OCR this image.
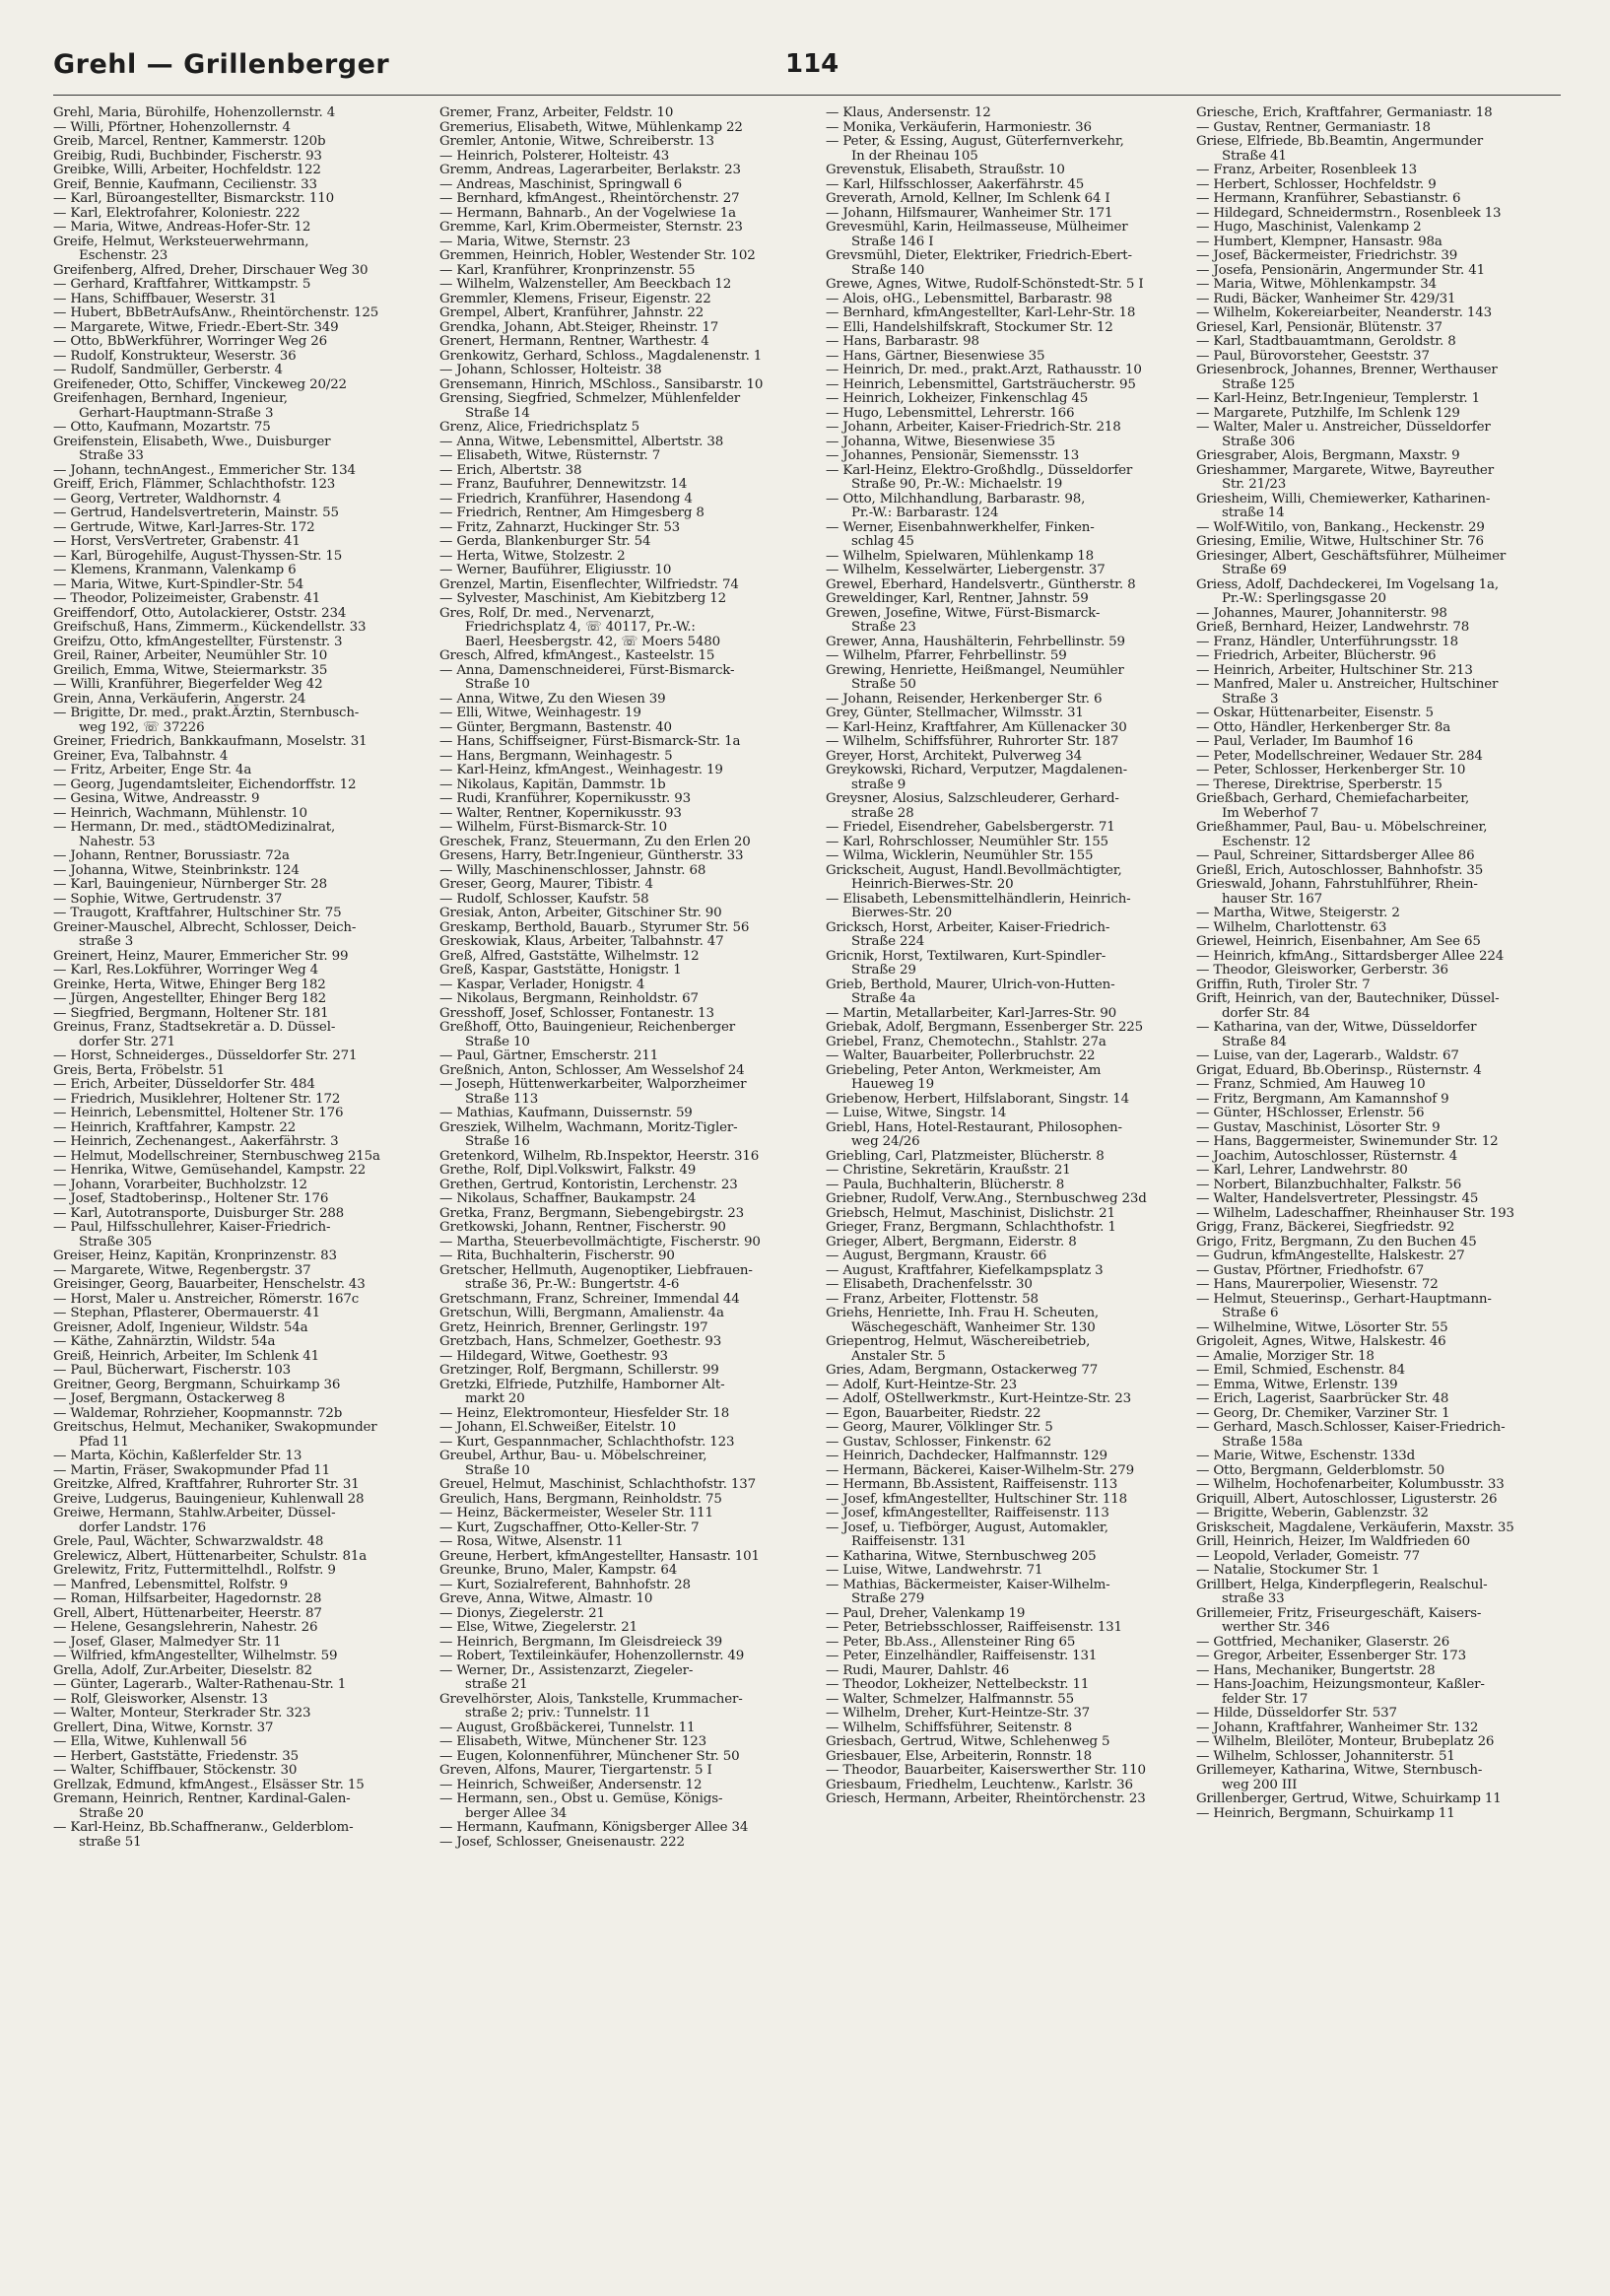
Grehl — Grillenberger	114
Grehl, Maria, Bürohilfe, Hohenzollernstr. 4
— Willi, Pförtner, Hohenzollernstr. 4
Greib, Marcel, Rentner, Kammerstr. 120b
Greibig, Rudi, Buchbinder, Fischerstr. 93
Greibke, Willi, Arbeiter, Hochfeldstr. 122
Greif, Bennie, Kaufmann, Cecilienstr. 33
— Karl, Büroangestellter, Bismarckstr. 110
— Karl, Elektrofahrer, Koloniestr. 222
— Maria, Witwe, Andreas-Hofer-Str. 12
Greife, Helmut, Werksteuerwehrmann,
Eschenstr. 23
Greifenberg, Alfred, Dreher, Dirschauer Weg 30
— Gerhard, Kraftfahrer, Wittkampstr. 5
— Hans, Schiffbauer, Weserstr. 31
— Hubert, BbBetrAufsAnw., Rheintörchenstr. 125
— Margarete, Witwe, Friedr.-Ebert-Str. 349
— Otto, BbWerkführer, Worringer Weg 26
— Rudolf, Konstrukteur, Weserstr. 36
— Rudolf, Sandmüller, Gerberstr. 4
Greifeneder, Otto, Schiffer, Vinckeweg 20/22
Greifenhagen, Bernhard, Ingenieur,
Gerhart-Hauptmann-Straße 3
— Otto, Kaufmann, Mozartstr. 75
Greifenstein, Elisabeth, Wwe., Duisburger
Straße 33
— Johann, technAngest., Emmericher Str. 134
Greiff, Erich, Flämmer, Schlachthofstr. 123
— Georg, Vertreter, Waldhornstr. 4
— Gertrud, Handelsvertreterin, Mainstr. 55
— Gertrude, Witwe, Karl-Jarres-Str. 172
— Horst, VersVertreter, Grabenstr. 41
— Karl, Bürogehilfe, August-Thyssen-Str. 15
— Klemens, Kranmann, Valenkamp 6
— Maria, Witwe, Kurt-Spindler-Str. 54
— Theodor, Polizeimeister, Grabenstr. 41
Greiffendorf, Otto, Autolackierer, Oststr. 234
Greifschuß, Hans, Zimmerm., Kückendellstr. 33
Greifzu, Otto, kfmAngestellter, Fürstenstr. 3
Greil, Rainer, Arbeiter, Neumühler Str. 10
Greilich, Emma, Witwe, Steiermarkstr. 35
— Willi, Kranführer, Biegerfelder Weg 42
Grein, Anna, Verkäuferin, Angerstr. 24
— Brigitte, Dr. med., prakt.Ärztin, Sternbusch-
weg 192, ☏ 37226
Greiner, Friedrich, Bankkaufmann, Moselstr. 31
Greiner, Eva, Talbahnstr. 4
— Fritz, Arbeiter, Enge Str. 4a
— Georg, Jugendamtsleiter, Eichendorffstr. 12
— Gesina, Witwe, Andreasstr. 9
— Heinrich, Wachmann, Mühlenstr. 10
— Hermann, Dr. med., städtOMedizinalrat,
Nahestr. 53
— Johann, Rentner, Borussiastr. 72a
— Johanna, Witwe, Steinbrinkstr. 124
— Karl, Bauingenieur, Nürnberger Str. 28
— Sophie, Witwe, Gertrudenstr. 37
— Traugott, Kraftfahrer, Hultschiner Str. 75
Greiner-Mauschel, Albrecht, Schlosser, Deich-
straße 3
Greinert, Heinz, Maurer, Emmericher Str. 99
— Karl, Res.Lokführer, Worringer Weg 4
Greinke, Herta, Witwe, Ehinger Berg 182
— Jürgen, Angestellter, Ehinger Berg 182
— Siegfried, Bergmann, Holtener Str. 181
Greinus, Franz, Stadtsekretär a. D. Düssel-
dorfer Str. 271
— Horst, Schneiderges., Düsseldorfer Str. 271
Greis, Berta, Fröbelstr. 51
— Erich, Arbeiter, Düsseldorfer Str. 484
— Friedrich, Musiklehrer, Holtener Str. 172
— Heinrich, Lebensmittel, Holtener Str. 176
— Heinrich, Kraftfahrer, Kampstr. 22
— Heinrich, Zechenangest., Aakerfährstr. 3
— Helmut, Modellschreiner, Sternbuschweg 215a
— Henrika, Witwe, Gemüsehandel, Kampstr. 22
— Johann, Vorarbeiter, Buchholzstr. 12
— Josef, Stadtoberinsp., Holtener Str. 176
— Karl, Autotransporte, Duisburger Str. 288
— Paul, Hilfsschullehrer, Kaiser-Friedrich-
Straße 305
Greiser, Heinz, Kapitän, Kronprinzenstr. 83
— Margarete, Witwe, Regenbergstr. 37
Greisinger, Georg, Bauarbeiter, Henschelstr. 43
— Horst, Maler u. Anstreicher, Römerstr. 167c
— Stephan, Pflasterer, Obermauerstr. 41
Greisner, Adolf, Ingenieur, Wildstr. 54a
— Käthe, Zahnärztin, Wildstr. 54a
Greiß, Heinrich, Arbeiter, Im Schlenk 41
— Paul, Bücherwart, Fischerstr. 103
Greitner, Georg, Bergmann, Schuirkamp 36
— Josef, Bergmann, Ostackerweg 8
— Waldemar, Rohrzieher, Koopmannstr. 72b
Greitschus, Helmut, Mechaniker, Swakopmunder
Pfad 11
— Marta, Köchin, Kaßlerfelder Str. 13
— Martin, Fräser, Swakopmunder Pfad 11
Greitzke, Alfred, Kraftfahrer, Ruhrorter Str. 31
Greive, Ludgerus, Bauingenieur, Kuhlenwall 28
Greiwe, Hermann, Stahlw.Arbeiter, Düssel-
dorfer Landstr. 176
Grele, Paul, Wächter, Schwarzwaldstr. 48
Grelewicz, Albert, Hüttenarbeiter, Schulstr. 81a
Grelewitz, Fritz, Futtermittelhdl., Rolfstr. 9
— Manfred, Lebensmittel, Rolfstr. 9
— Roman, Hilfsarbeiter, Hagedornstr. 28
Grell, Albert, Hüttenarbeiter, Heerstr. 87
— Helene, Gesangslehrerin, Nahestr. 26
— Josef, Glaser, Malmedyer Str. 11
— Wilfried, kfmAngestellter, Wilhelmstr. 59
Grella, Adolf, Zur.Arbeiter, Dieselstr. 82
— Günter, Lagerarb., Walter-Rathenau-Str. 1
— Rolf, Gleisworker, Alsenstr. 13
— Walter, Monteur, Sterkrader Str. 323
Grellert, Dina, Witwe, Kornstr. 37
— Ella, Witwe, Kuhlenwall 56
— Herbert, Gaststätte, Friedenstr. 35
— Walter, Schiffbauer, Stöckenstr. 30
Grellzak, Edmund, kfmAngest., Elsässer Str. 15
Gremann, Heinrich, Rentner, Kardinal-Galen-
Straße 20
— Karl-Heinz, Bb.Schaffneranw., Gelderblom-
straße 51
Gremer, Franz, Arbeiter, Feldstr. 10
Gremerius, Elisabeth, Witwe, Mühlenkamp 22
Gremler, Antonie, Witwe, Schreiberstr. 13
— Heinrich, Polsterer, Holteistr. 43
Gremm, Andreas, Lagerarbeiter, Berlakstr. 23
— Andreas, Maschinist, Springwall 6
— Bernhard, kfmAngest., Rheintörchenstr. 27
— Hermann, Bahnarb., An der Vogelwiese 1a
Gremme, Karl, Krim.Obermeister, Sternstr. 23
— Maria, Witwe, Sternstr. 23
Gremmen, Heinrich, Hobler, Westender Str. 102
— Karl, Kranführer, Kronprinzenstr. 55
— Wilhelm, Walzensteller, Am Beeckbach 12
Gremmler, Klemens, Friseur, Eigenstr. 22
Grempel, Albert, Kranführer, Jahnstr. 22
Grendka, Johann, Abt.Steiger, Rheinstr. 17
Grenert, Hermann, Rentner, Warthestr. 4
Grenkowitz, Gerhard, Schloss., Magdalenenstr. 1
— Johann, Schlosser, Holteistr. 38
Grensemann, Hinrich, MSchloss., Sansibarstr. 10
Grensing, Siegfried, Schmelzer, Mühlenfelder
Straße 14
Grenz, Alice, Friedrichsplatz 5
— Anna, Witwe, Lebensmittel, Albertstr. 38
— Elisabeth, Witwe, Rüsternstr. 7
— Erich, Albertstr. 38
— Franz, Baufuhrer, Dennewitzstr. 14
— Friedrich, Kranführer, Hasendong 4
— Friedrich, Rentner, Am Himgesberg 8
— Fritz, Zahnarzt, Huckinger Str. 53
— Gerda, Blankenburger Str. 54
— Herta, Witwe, Stolzestr. 2
— Werner, Bauführer, Eligiusstr. 10
Grenzel, Martin, Eisenflechter, Wilfriedstr. 74
— Sylvester, Maschinist, Am Kiebitzberg 12
Gres, Rolf, Dr. med., Nervenarzt,
Friedrichsplatz 4, ☏ 40117, Pr.-W.:
Baerl, Heesbergstr. 42, ☏ Moers 5480
Gresch, Alfred, kfmAngest., Kasteelstr. 15
— Anna, Damenschneiderei, Fürst-Bismarck-
Straße 10
— Anna, Witwe, Zu den Wiesen 39
— Elli, Witwe, Weinhagestr. 19
— Günter, Bergmann, Bastenstr. 40
— Hans, Schiffseigner, Fürst-Bismarck-Str. 1a
— Hans, Bergmann, Weinhagestr. 5
— Karl-Heinz, kfmAngest., Weinhagestr. 19
— Nikolaus, Kapitän, Dammstr. 1b
— Rudi, Kranführer, Kopernikusstr. 93
— Walter, Rentner, Kopernikusstr. 93
— Wilhelm, Fürst-Bismarck-Str. 10
Greschek, Franz, Steuermann, Zu den Erlen 20
Gresens, Harry, Betr.Ingenieur, Güntherstr. 33
— Willy, Maschinenschlosser, Jahnstr. 68
Greser, Georg, Maurer, Tibistr. 4
— Rudolf, Schlosser, Kaufstr. 58
Gresiak, Anton, Arbeiter, Gitschiner Str. 90
Greskamp, Berthold, Bauarb., Styrumer Str. 56
Greskowiak, Klaus, Arbeiter, Talbahnstr. 47
Greß, Alfred, Gaststätte, Wilhelmstr. 12
Greß, Kaspar, Gaststätte, Honigstr. 1
— Kaspar, Verlader, Honigstr. 4
— Nikolaus, Bergmann, Reinholdstr. 67
Gresshoff, Josef, Schlosser, Fontanestr. 13
Greßhoff, Otto, Bauingenieur, Reichenberger
Straße 10
— Paul, Gärtner, Emscherstr. 211
Greßnich, Anton, Schlosser, Am Wesselshof 24
— Joseph, Hüttenwerkarbeiter, Walporzheimer
Straße 113
— Mathias, Kaufmann, Duissernstr. 59
Gresziek, Wilhelm, Wachmann, Moritz-Tigler-
Straße 16
Gretenkord, Wilhelm, Rb.Inspektor, Heerstr. 316
Grethe, Rolf, Dipl.Volkswirt, Falkstr. 49
Grethen, Gertrud, Kontoristin, Lerchenstr. 23
— Nikolaus, Schaffner, Baukampstr. 24
Gretka, Franz, Bergmann, Siebengebirgstr. 23
Gretkowski, Johann, Rentner, Fischerstr. 90
— Martha, Steuerbevollmächtigte, Fischerstr. 90
— Rita, Buchhalterin, Fischerstr. 90
Gretscher, Hellmuth, Augenoptiker, Liebfrauen-
straße 36, Pr.-W.: Bungertstr. 4-6
Gretschmann, Franz, Schreiner, Immendal 44
Gretschun, Willi, Bergmann, Amalienstr. 4a
Gretz, Heinrich, Brenner, Gerlingstr. 197
Gretzbach, Hans, Schmelzer, Goethestr. 93
— Hildegard, Witwe, Goethestr. 93
Gretzinger, Rolf, Bergmann, Schillerstr. 99
Gretzki, Elfriede, Putzhilfe, Hamborner Alt-
markt 20
— Heinz, Elektromonteur, Hiesfelder Str. 18
— Johann, El.Schweißer, Eitelstr. 10
— Kurt, Gespannmacher, Schlachthofstr. 123
Greubel, Arthur, Bau- u. Möbelschreiner,
Straße 10
Greuel, Helmut, Maschinist, Schlachthofstr. 137
Greulich, Hans, Bergmann, Reinholdstr. 75
— Heinz, Bäckermeister, Weseler Str. 111
— Kurt, Zugschaffner, Otto-Keller-Str. 7
— Rosa, Witwe, Alsenstr. 11
Greune, Herbert, kfmAngestellter, Hansastr. 101
Greunke, Bruno, Maler, Kampstr. 64
— Kurt, Sozialreferent, Bahnhofstr. 28
Greve, Anna, Witwe, Almastr. 10
— Dionys, Ziegelerstr. 21
— Else, Witwe, Ziegelerstr. 21
— Heinrich, Bergmann, Im Gleisdreieck 39
— Robert, Textileinkäufer, Hohenzollernstr. 49
— Werner, Dr., Assistenzarzt, Ziegeler-
straße 21
Grevelhörster, Alois, Tankstelle, Krummacher-
straße 2; priv.: Tunnelstr. 11
— August, Großbäckerei, Tunnelstr. 11
— Elisabeth, Witwe, Münchener Str. 123
— Eugen, Kolonnenführer, Münchener Str. 50
Greven, Alfons, Maurer, Tiergartenstr. 5 I
— Heinrich, Schweißer, Andersenstr. 12
— Hermann, sen., Obst u. Gemüse, Königs-
berger Allee 34
— Hermann, Kaufmann, Königsberger Allee 34
— Josef, Schlosser, Gneisenaustr. 222
— Klaus, Andersenstr. 12
— Monika, Verkäuferin, Harmoniestr. 36
— Peter, & Essing, August, Güterfernverkehr,
In der Rheinau 105
Grevenstuk, Elisabeth, Straußstr. 10
— Karl, Hilfsschlosser, Aakerfährstr. 45
Greverath, Arnold, Kellner, Im Schlenk 64 I
— Johann, Hilfsmaurer, Wanheimer Str. 171
Grevesmühl, Karin, Heilmasseuse, Mülheimer
Straße 146 I
Grevsmühl, Dieter, Elektriker, Friedrich-Ebert-
Straße 140
Grewe, Agnes, Witwe, Rudolf-Schönstedt-Str. 5 I
— Alois, oHG., Lebensmittel, Barbarastr. 98
— Bernhard, kfmAngestellter, Karl-Lehr-Str. 18
— Elli, Handelshilfskraft, Stockumer Str. 12
— Hans, Barbarastr. 98
— Hans, Gärtner, Biesenwiese 35
— Heinrich, Dr. med., prakt.Arzt, Rathausstr. 10
— Heinrich, Lebensmittel, Gartsträucherstr. 95
— Heinrich, Lokheizer, Finkenschlag 45
— Hugo, Lebensmittel, Lehrerstr. 166
— Johann, Arbeiter, Kaiser-Friedrich-Str. 218
— Johanna, Witwe, Biesenwiese 35
— Johannes, Pensionär, Siemensstr. 13
— Karl-Heinz, Elektro-Großhdlg., Düsseldorfer
Straße 90, Pr.-W.: Michaelstr. 19
— Otto, Milchhandlung, Barbarastr. 98,
Pr.-W.: Barbarastr. 124
— Werner, Eisenbahnwerkhelfer, Finken-
schlag 45
— Wilhelm, Spielwaren, Mühlenkamp 18
— Wilhelm, Kesselwärter, Liebergenstr. 37
Grewel, Eberhard, Handelsvertr., Güntherstr. 8
Greweldinger, Karl, Rentner, Jahnstr. 59
Grewen, Josefine, Witwe, Fürst-Bismarck-
Straße 23
Grewer, Anna, Haushälterin, Fehrbellinstr. 59
— Wilhelm, Pfarrer, Fehrbellinstr. 59
Grewing, Henriette, Heißmangel, Neumühler
Straße 50
— Johann, Reisender, Herkenberger Str. 6
Grey, Günter, Stellmacher, Wilmsstr. 31
— Karl-Heinz, Kraftfahrer, Am Küllenacker 30
— Wilhelm, Schiffsführer, Ruhrorter Str. 187
Greyer, Horst, Architekt, Pulverweg 34
Greykowski, Richard, Verputzer, Magdalenen-
straße 9
Greysner, Alosius, Salzschleuderer, Gerhard-
straße 28
— Friedel, Eisendreher, Gabelsbergerstr. 71
— Karl, Rohrschlosser, Neumühler Str. 155
— Wilma, Wicklerin, Neumühler Str. 155
Grickscheit, August, Handl.Bevollmächtigter,
Heinrich-Bierwes-Str. 20
— Elisabeth, Lebensmittelhändlerin, Heinrich-
Bierwes-Str. 20
Gricksch, Horst, Arbeiter, Kaiser-Friedrich-
Straße 224
Gricnik, Horst, Textilwaren, Kurt-Spindler-
Straße 29
Grieb, Berthold, Maurer, Ulrich-von-Hutten-
Straße 4a
— Martin, Metallarbeiter, Karl-Jarres-Str. 90
Griebak, Adolf, Bergmann, Essenberger Str. 225
Griebel, Franz, Chemotechn., Stahlstr. 27a
— Walter, Bauarbeiter, Pollerbruchstr. 22
Griebeling, Peter Anton, Werkmeister, Am
Haueweg 19
Griebenow, Herbert, Hilfslaborant, Singstr. 14
— Luise, Witwe, Singstr. 14
Griebl, Hans, Hotel-Restaurant, Philosophen-
weg 24/26
Griebling, Carl, Platzmeister, Blücherstr. 8
— Christine, Sekretärin, Kraußstr. 21
— Paula, Buchhalterin, Blücherstr. 8
Griebner, Rudolf, Verw.Ang., Sternbuschweg 23d
Griebsch, Helmut, Maschinist, Dislichstr. 21
Grieger, Franz, Bergmann, Schlachthofstr. 1
Grieger, Albert, Bergmann, Eiderstr. 8
— August, Bergmann, Kraustr. 66
— August, Kraftfahrer, Kiefelkampsplatz 3
— Elisabeth, Drachenfelsstr. 30
— Franz, Arbeiter, Flottenstr. 58
Griehs, Henriette, Inh. Frau H. Scheuten,
Wäschegeschäft, Wanheimer Str. 130
Griepentrog, Helmut, Wäschereibetrieb,
Anstaler Str. 5
Gries, Adam, Bergmann, Ostackerweg 77
— Adolf, Kurt-Heintze-Str. 23
— Adolf, OStellwerkmstr., Kurt-Heintze-Str. 23
— Egon, Bauarbeiter, Riedstr. 22
— Georg, Maurer, Völklinger Str. 5
— Gustav, Schlosser, Finkenstr. 62
— Heinrich, Dachdecker, Halfmannstr. 129
— Hermann, Bäckerei, Kaiser-Wilhelm-Str. 279
— Hermann, Bb.Assistent, Raiffeisenstr. 113
— Josef, kfmAngestellter, Hultschiner Str. 118
— Josef, kfmAngestellter, Raiffeisenstr. 113
— Josef, u. Tiefbörger, August, Automakler,
Raiffeisenstr. 131
— Katharina, Witwe, Sternbuschweg 205
— Luise, Witwe, Landwehrstr. 71
— Mathias, Bäckermeister, Kaiser-Wilhelm-
Straße 279
— Paul, Dreher, Valenkamp 19
— Peter, Betriebsschlosser, Raiffeisenstr. 131
— Peter, Bb.Ass., Allensteiner Ring 65
— Peter, Einzelhändler, Raiffeisenstr. 131
— Rudi, Maurer, Dahlstr. 46
— Theodor, Lokheizer, Nettelbeckstr. 11
— Walter, Schmelzer, Halfmannstr. 55
— Wilhelm, Dreher, Kurt-Heintze-Str. 37
— Wilhelm, Schiffsführer, Seitenstr. 8
Griesbach, Gertrud, Witwe, Schlehenweg 5
Griesbauer, Else, Arbeiterin, Ronnstr. 18
— Theodor, Bauarbeiter, Kaiserswerther Str. 110
Griesbaum, Friedhelm, Leuchtenw., Karlstr. 36
Griesch, Hermann, Arbeiter, Rheintörchenstr. 23
Griesche, Erich, Kraftfahrer, Germaniastr. 18
— Gustav, Rentner, Germaniastr. 18
Griese, Elfriede, Bb.Beamtin, Angermunder
Straße 41
— Franz, Arbeiter, Rosenbleek 13
— Herbert, Schlosser, Hochfeldstr. 9
— Hermann, Kranführer, Sebastianstr. 6
— Hildegard, Schneidermstrn., Rosenbleek 13
— Hugo, Maschinist, Valenkamp 2
— Humbert, Klempner, Hansastr. 98a
— Josef, Bäckermeister, Friedrichstr. 39
— Josefa, Pensionärin, Angermunder Str. 41
— Maria, Witwe, Möhlenkampstr. 34
— Rudi, Bäcker, Wanheimer Str. 429/31
— Wilhelm, Kokereiarbeiter, Neanderstr. 143
Griesel, Karl, Pensionär, Blütenstr. 37
— Karl, Stadtbauamtmann, Geroldstr. 8
— Paul, Bürovorsteher, Geeststr. 37
Griesenbrock, Johannes, Brenner, Werthauser
Straße 125
— Karl-Heinz, Betr.Ingenieur, Templerstr. 1
— Margarete, Putzhilfe, Im Schlenk 129
— Walter, Maler u. Anstreicher, Düsseldorfer
Straße 306
Griesgraber, Alois, Bergmann, Maxstr. 9
Grieshammer, Margarete, Witwe, Bayreuther
Str. 21/23
Griesheim, Willi, Chemiewerker, Katharinen-
straße 14
— Wolf-Witilo, von, Bankang., Heckenstr. 29
Griesing, Emilie, Witwe, Hultschiner Str. 76
Griesinger, Albert, Geschäftsführer, Mülheimer
Straße 69
Griess, Adolf, Dachdeckerei, Im Vogelsang 1a,
Pr.-W.: Sperlingsgasse 20
— Johannes, Maurer, Johanniterstr. 98
Grieß, Bernhard, Heizer, Landwehrstr. 78
— Franz, Händler, Unterführungsstr. 18
— Friedrich, Arbeiter, Blücherstr. 96
— Heinrich, Arbeiter, Hultschiner Str. 213
— Manfred, Maler u. Anstreicher, Hultschiner
Straße 3
— Oskar, Hüttenarbeiter, Eisenstr. 5
— Otto, Händler, Herkenberger Str. 8a
— Paul, Verlader, Im Baumhof 16
— Peter, Modellschreiner, Wedauer Str. 284
— Peter, Schlosser, Herkenberger Str. 10
— Therese, Direktrise, Sperberstr. 15
Grießbach, Gerhard, Chemiefacharbeiter,
Im Weberhof 7
Grießhammer, Paul, Bau- u. Möbelschreiner,
Eschenstr. 12
— Paul, Schreiner, Sittardsberger Allee 86
Grießl, Erich, Autoschlosser, Bahnhofstr. 35
Grieswald, Johann, Fahrstuhlführer, Rhein-
hauser Str. 167
— Martha, Witwe, Steigerstr. 2
— Wilhelm, Charlottenstr. 63
Griewel, Heinrich, Eisenbahner, Am See 65
— Heinrich, kfmAng., Sittardsberger Allee 224
— Theodor, Gleisworker, Gerberstr. 36
Griffin, Ruth, Tiroler Str. 7
Grift, Heinrich, van der, Bautechniker, Düssel-
dorfer Str. 84
— Katharina, van der, Witwe, Düsseldorfer
Straße 84
— Luise, van der, Lagerarb., Waldstr. 67
Grigat, Eduard, Bb.Oberinsp., Rüsternstr. 4
— Franz, Schmied, Am Hauweg 10
— Fritz, Bergmann, Am Kamannshof 9
— Günter, HSchlosser, Erlenstr. 56
— Gustav, Maschinist, Lösorter Str. 9
— Hans, Baggermeister, Swinemunder Str. 12
— Joachim, Autoschlosser, Rüsternstr. 4
— Karl, Lehrer, Landwehrstr. 80
— Norbert, Bilanzbuchhalter, Falkstr. 56
— Walter, Handelsvertreter, Plessingstr. 45
— Wilhelm, Ladeschaffner, Rheinhauser Str. 193
Grigg, Franz, Bäckerei, Siegfriedstr. 92
Grigo, Fritz, Bergmann, Zu den Buchen 45
— Gudrun, kfmAngestellte, Halskestr. 27
— Gustav, Pförtner, Friedhofstr. 67
— Hans, Maurerpolier, Wiesenstr. 72
— Helmut, Steuerinsp., Gerhart-Hauptmann-
Straße 6
— Wilhelmine, Witwe, Lösorter Str. 55
Grigoleit, Agnes, Witwe, Halskestr. 46
— Amalie, Morziger Str. 18
— Emil, Schmied, Eschenstr. 84
— Emma, Witwe, Erlenstr. 139
— Erich, Lagerist, Saarbrücker Str. 48
— Georg, Dr. Chemiker, Varziner Str. 1
— Gerhard, Masch.Schlosser, Kaiser-Friedrich-
Straße 158a
— Marie, Witwe, Eschenstr. 133d
— Otto, Bergmann, Gelderblomstr. 50
— Wilhelm, Hochofenarbeiter, Kolumbusstr. 33
Griquill, Albert, Autoschlosser, Ligusterstr. 26
— Brigitte, Weberin, Gablenzstr. 32
Griskscheit, Magdalene, Verkäuferin, Maxstr. 35
Grill, Heinrich, Heizer, Im Waldfrieden 60
— Leopold, Verlader, Gomeistr. 77
— Natalie, Stockumer Str. 1
Grillbert, Helga, Kinderpflegerin, Realschul-
straße 33
Grillemeier, Fritz, Friseurgeschäft, Kaisers-
werther Str. 346
— Gottfried, Mechaniker, Glaserstr. 26
— Gregor, Arbeiter, Essenberger Str. 173
— Hans, Mechaniker, Bungertstr. 28
— Hans-Joachim, Heizungsmonteur, Kaßler-
felder Str. 17
— Hilde, Düsseldorfer Str. 537
— Johann, Kraftfahrer, Wanheimer Str. 132
— Wilhelm, Bleilöter, Monteur, Brubeplatz 26
— Wilhelm, Schlosser, Johanniterstr. 51
Grillemeyer, Katharina, Witwe, Sternbusch-
weg 200 III
Grillenberger, Gertrud, Witwe, Schuirkamp 11
— Heinrich, Bergmann, Schuirkamp 11
